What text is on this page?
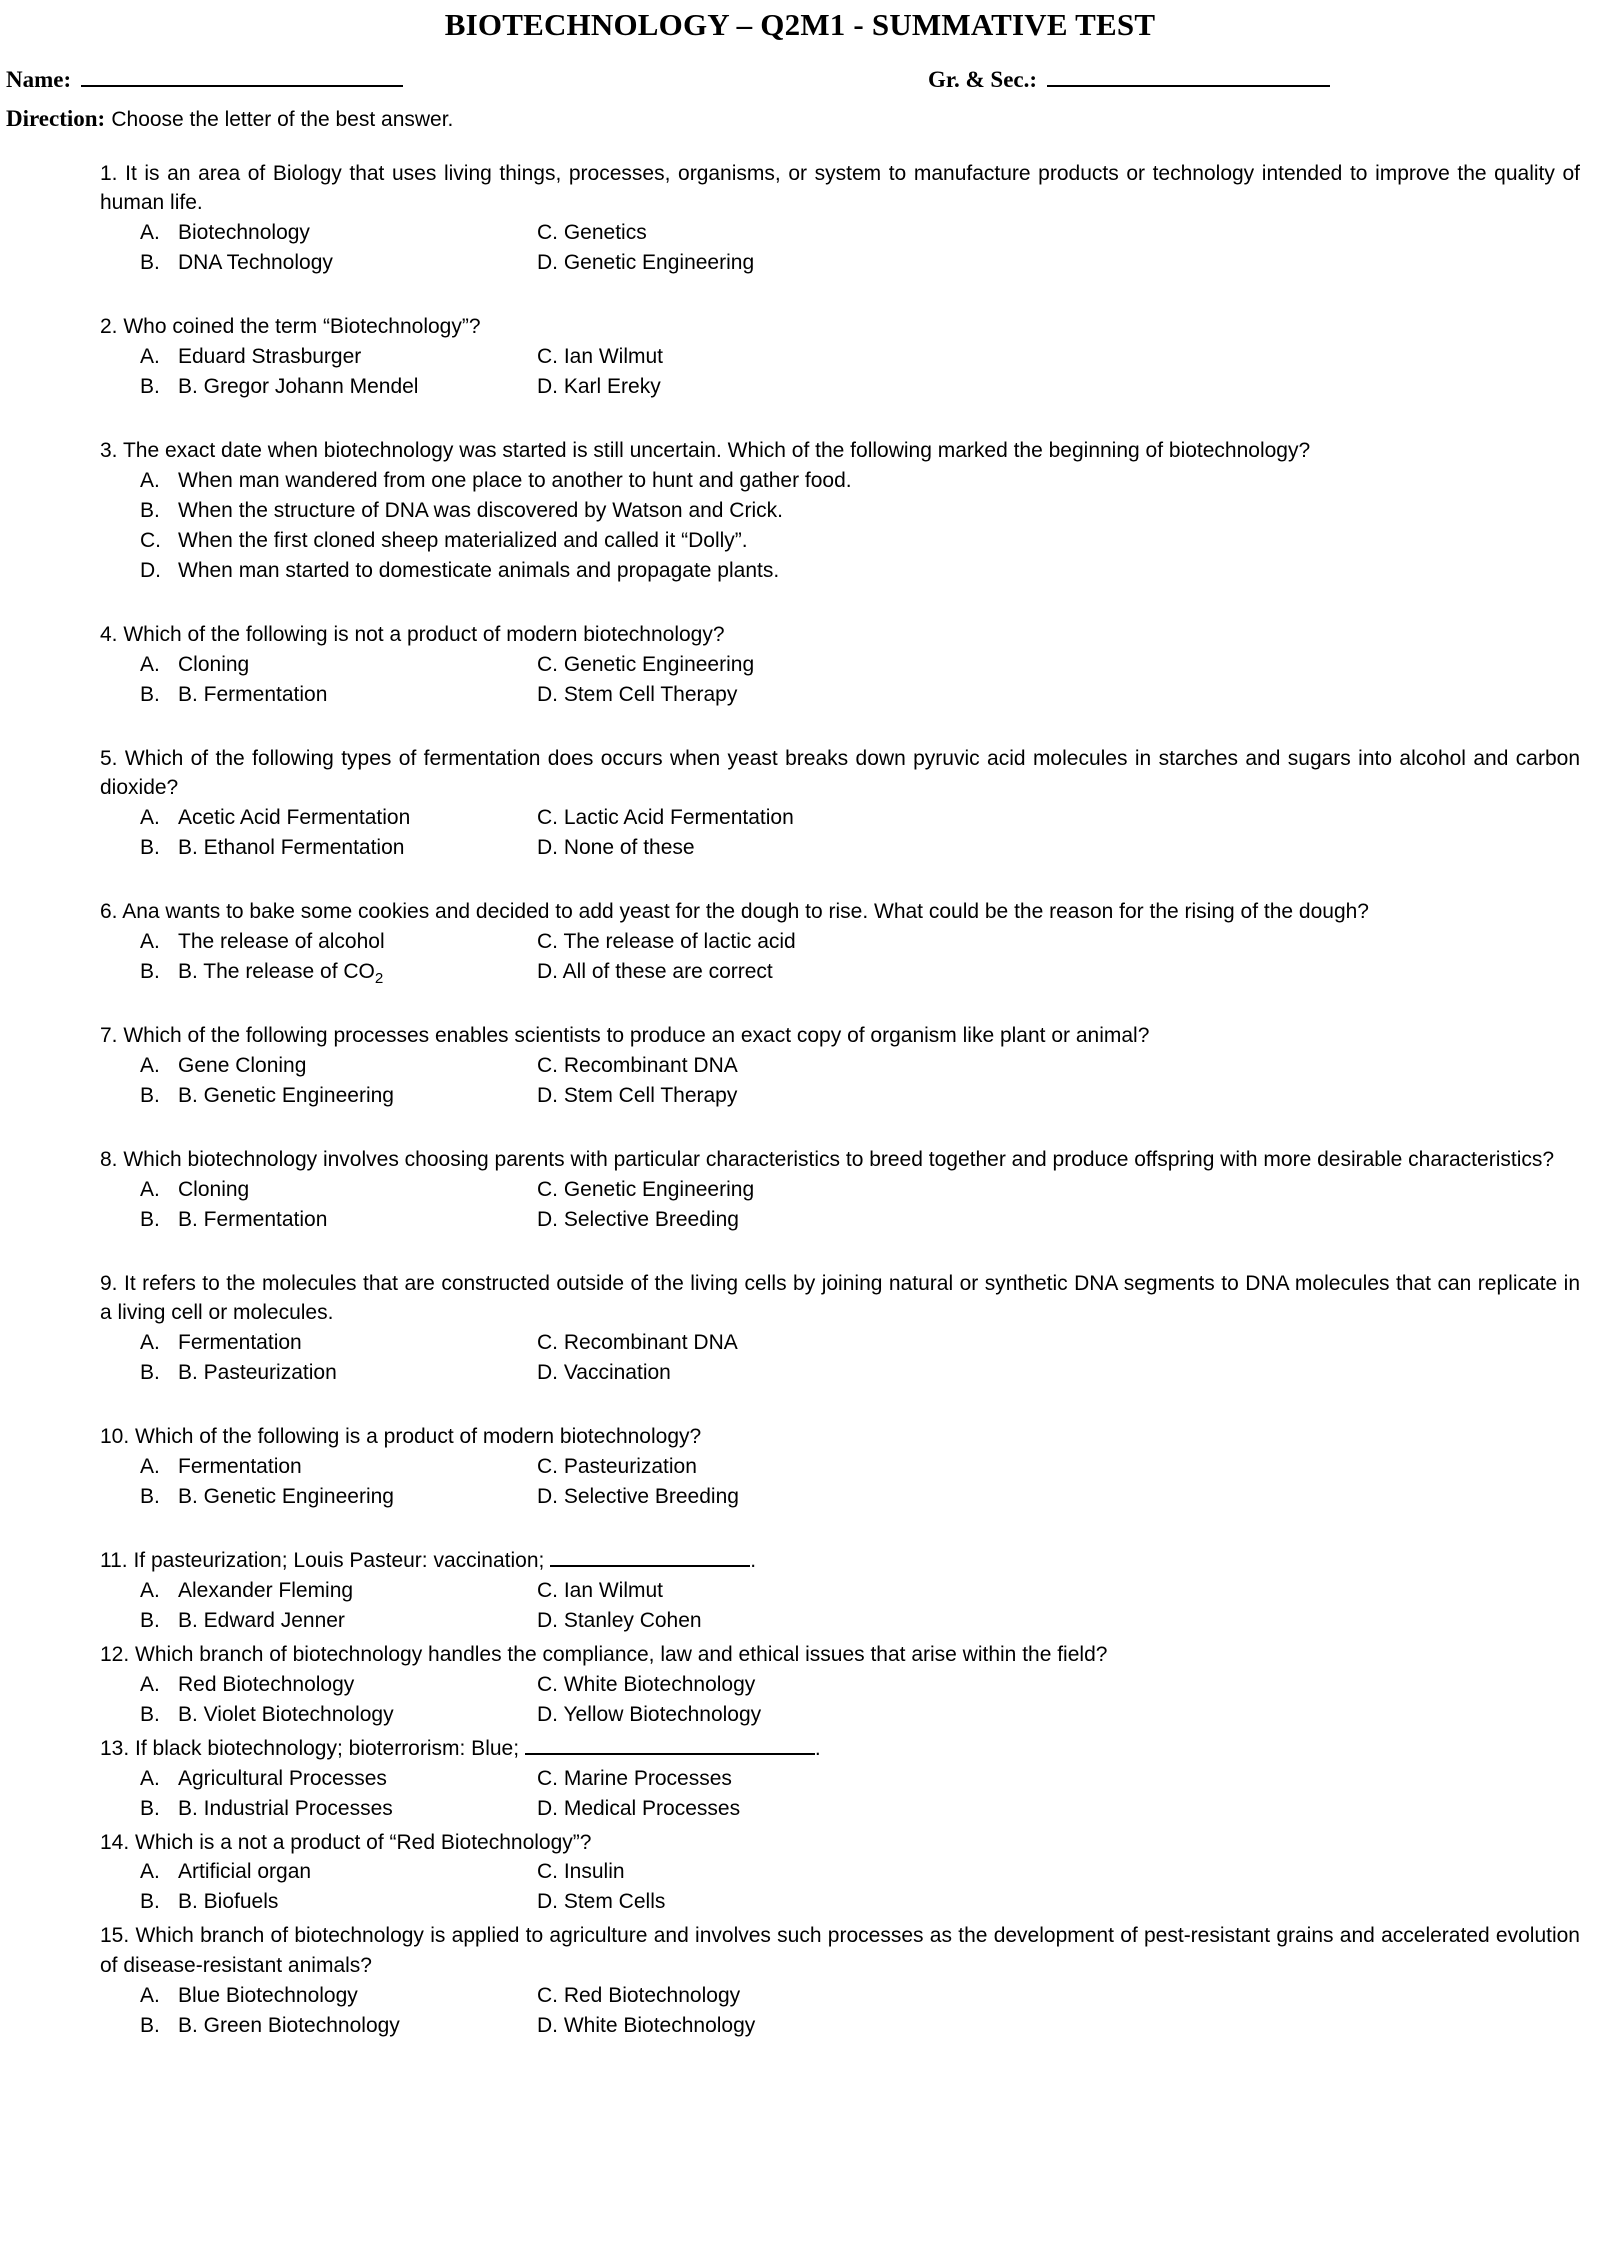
BIOTECHNOLOGY – Q2M1 - SUMMATIVE TEST
Name:	Gr. & Sec.:
Direction: Choose the letter of the best answer.
1. It is an area of Biology that uses living things, processes, organisms, or system to manufacture products or technology intended to improve the quality of human life.
A. Biotechnology	C. Genetics
B. DNA Technology	D. Genetic Engineering
2. Who coined the term “Biotechnology”?
A. Eduard Strasburger	C. Ian Wilmut
B. B. Gregor Johann Mendel	D. Karl Ereky
3. The exact date when biotechnology was started is still uncertain. Which of the following marked the beginning of biotechnology?
A. When man wandered from one place to another to hunt and gather food.
B. When the structure of DNA was discovered by Watson and Crick.
C. When the first cloned sheep materialized and called it “Dolly”.
D. When man started to domesticate animals and propagate plants.
4. Which of the following is not a product of modern biotechnology?
A. Cloning	C. Genetic Engineering
B. B. Fermentation	D. Stem Cell Therapy
5. Which of the following types of fermentation does occurs when yeast breaks down pyruvic acid molecules in starches and sugars into alcohol and carbon dioxide?
A. Acetic Acid Fermentation	C. Lactic Acid Fermentation
B. B. Ethanol Fermentation	D. None of these
6. Ana wants to bake some cookies and decided to add yeast for the dough to rise. What could be the reason for the rising of the dough?
A. The release of alcohol	C. The release of lactic acid
B. B. The release of $CO_2$	D. All of these are correct
7. Which of the following processes enables scientists to produce an exact copy of organism like plant or animal?
A. Gene Cloning	C. Recombinant DNA
B. B. Genetic Engineering	D. Stem Cell Therapy
8. Which biotechnology involves choosing parents with particular characteristics to breed together and produce offspring with more desirable characteristics?
A. Cloning	C. Genetic Engineering
B. B. Fermentation	D. Selective Breeding
9. It refers to the molecules that are constructed outside of the living cells by joining natural or synthetic DNA segments to DNA molecules that can replicate in a living cell or molecules.
A. Fermentation	C. Recombinant DNA
B. B. Pasteurization	D. Vaccination
10. Which of the following is a product of modern biotechnology?
A. Fermentation	C. Pasteurization
B. B. Genetic Engineering	D. Selective Breeding
11. If pasteurization; Louis Pasteur: vaccination;	.
A. Alexander Fleming	C. Ian Wilmut
B. B. Edward Jenner	D. Stanley Cohen
12. Which branch of biotechnology handles the compliance, law and ethical issues that arise within the field?
A. Red Biotechnology	C. White Biotechnology
B. B. Violet Biotechnology	D. Yellow Biotechnology
13. If black biotechnology; bioterrorism: Blue;	.
A. Agricultural Processes	C. Marine Processes
B. B. Industrial Processes	D. Medical Processes
14. Which is a not a product of “Red Biotechnology”?
A. Artificial organ	C. Insulin
B. B. Biofuels	D. Stem Cells
15. Which branch of biotechnology is applied to agriculture and involves such processes as the development of pest-resistant grains and accelerated evolution of disease-resistant animals?
A. Blue Biotechnology	C. Red Biotechnology
B. B. Green Biotechnology	D. White Biotechnology
